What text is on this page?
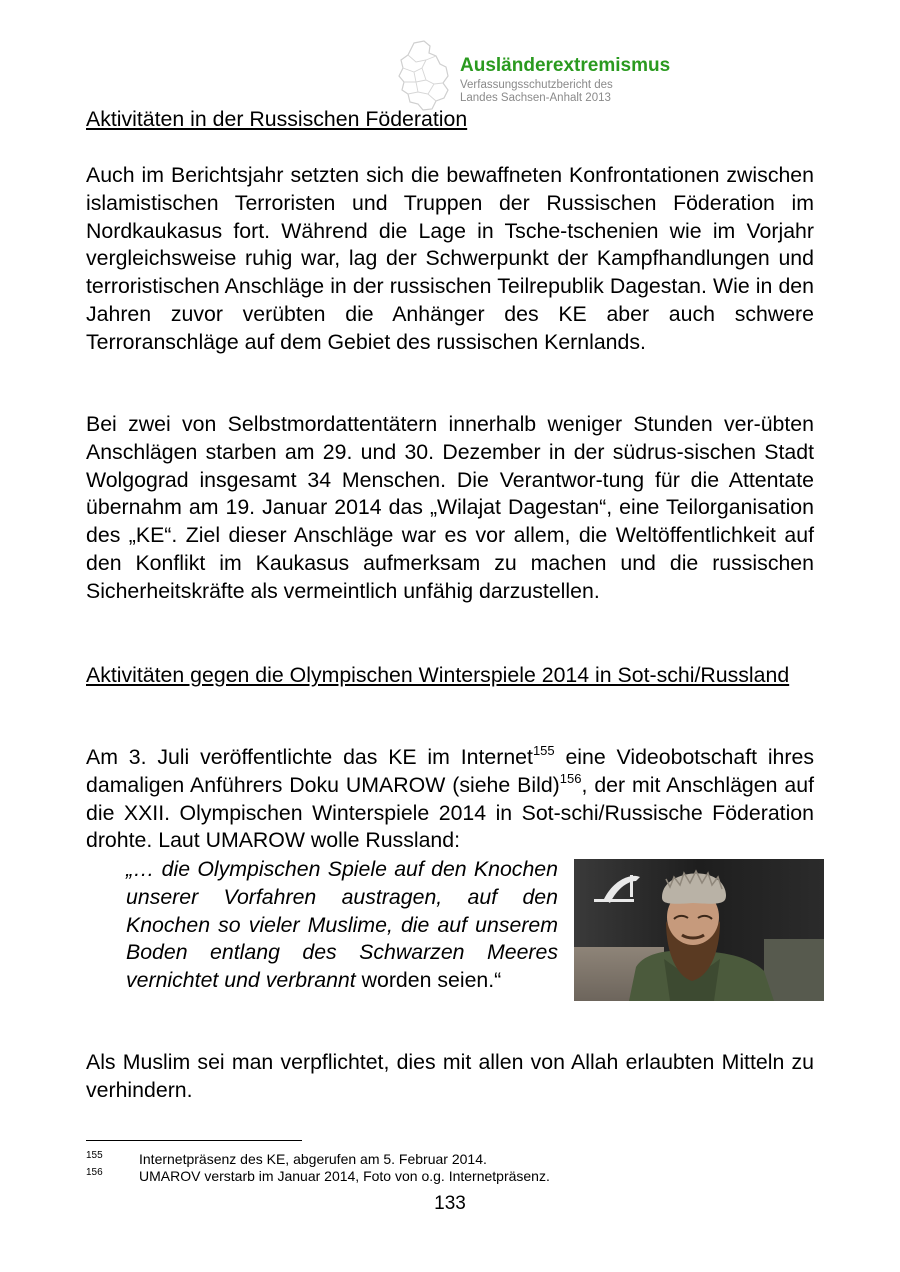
Ausländerextremismus
Verfassungsschutzbericht des
Landes Sachsen-Anhalt 2013
Aktivitäten in der Russischen Föderation
Auch im Berichtsjahr setzten sich die bewaffneten Konfrontationen zwischen islamistischen Terroristen und Truppen der Russischen Föderation im Nordkaukasus fort. Während die Lage in Tsche-tschenien wie im Vorjahr vergleichsweise ruhig war, lag der Schwerpunkt der Kampfhandlungen und terroristischen Anschläge in der russischen Teilrepublik Dagestan. Wie in den Jahren zuvor verübten die Anhänger des KE aber auch schwere Terroranschläge auf dem Gebiet des russischen Kernlands.
Bei zwei von Selbstmordattentätern innerhalb weniger Stunden ver-übten Anschlägen starben am 29. und 30. Dezember in der südrus-sischen Stadt Wolgograd insgesamt 34 Menschen. Die Verantwor-tung für die Attentate übernahm am 19. Januar 2014 das „Wilajat Dagestan“, eine Teilorganisation des „KE“. Ziel dieser Anschläge war es vor allem, die Weltöffentlichkeit auf den Konflikt im Kaukasus aufmerksam zu machen und die russischen Sicherheitskräfte als vermeintlich unfähig darzustellen.
Aktivitäten gegen die Olympischen Winterspiele 2014 in Sot-schi/Russland
Am 3. Juli veröffentlichte das KE im Internet$^{155}$ eine Videobotschaft ihres damaligen Anführers Doku UMAROW (siehe Bild)$^{156}$, der mit Anschlägen auf die XXII. Olympischen Winterspiele 2014 in Sot-schi/Russische Föderation drohte. Laut UMAROW wolle Russland:
„… die Olympischen Spiele auf den Knochen unserer Vorfahren austragen, auf den Knochen so vieler Muslime, die auf unserem Boden entlang des Schwarzen Meeres vernichtet und verbrannt worden seien.“
Als Muslim sei man verpflichtet, dies mit allen von Allah erlaubten Mitteln zu verhindern.
155	Internetpräsenz des KE, abgerufen am 5. Februar 2014.
156	UMAROV verstarb im Januar 2014, Foto von o.g. Internetpräsenz.
133
